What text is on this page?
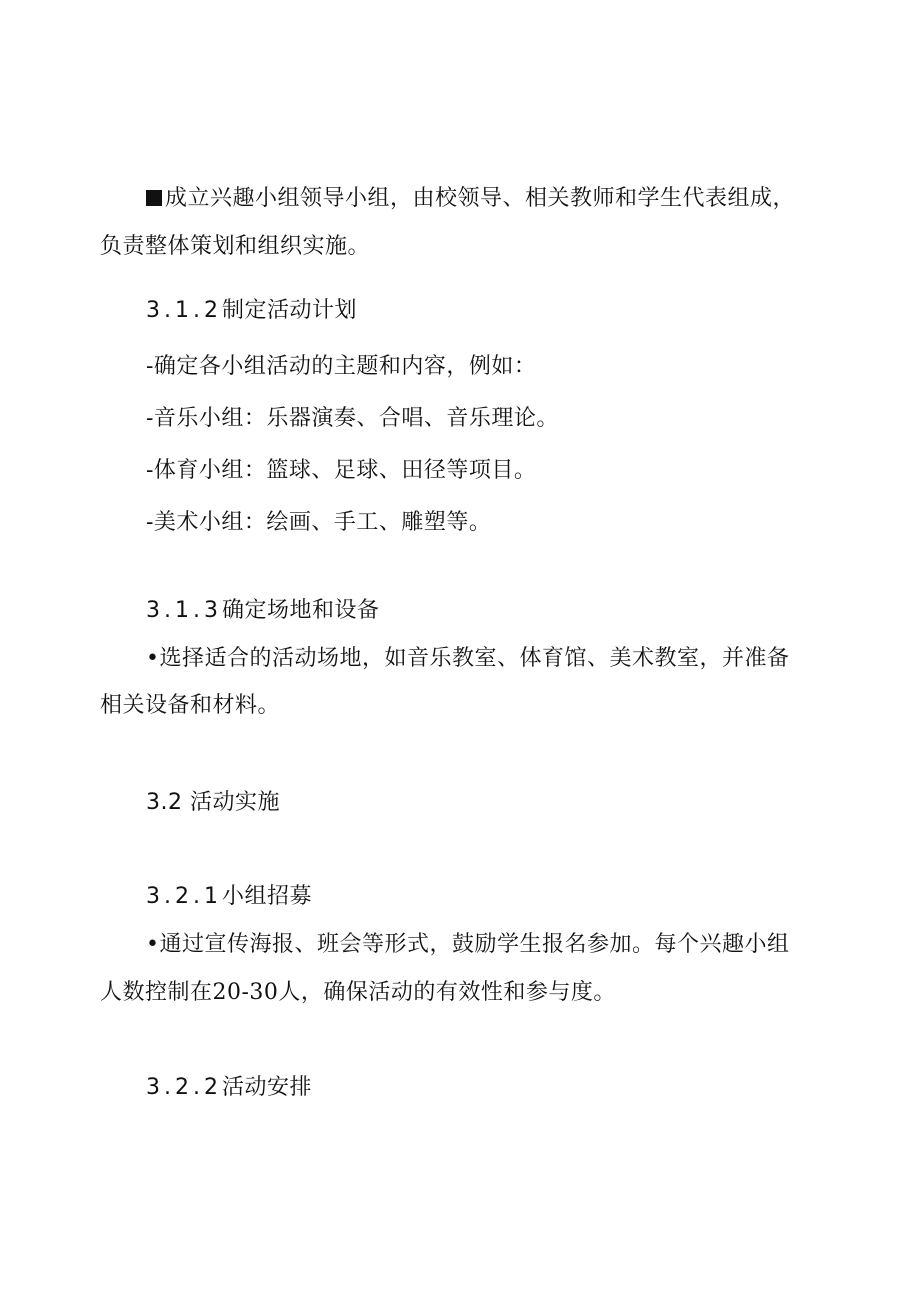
成立兴趣小组领导小组，由校领导、相关教师和学生代表组成，
负责整体策划和组织实施。
3.1.2制定活动计划
-确定各小组活动的主题和内容，例如：
-音乐小组：乐器演奏、合唱、音乐理论。
-体育小组：篮球、足球、田径等项目。
-美术小组：绘画、手工、雕塑等。
3.1.3确定场地和设备
•选择适合的活动场地，如音乐教室、体育馆、美术教室，并准备
相关设备和材料。
3.2 活动实施
3.2.1小组招募
•通过宣传海报、班会等形式，鼓励学生报名参加。每个兴趣小组
人数控制在20-30人，确保活动的有效性和参与度。
3.2.2活动安排
